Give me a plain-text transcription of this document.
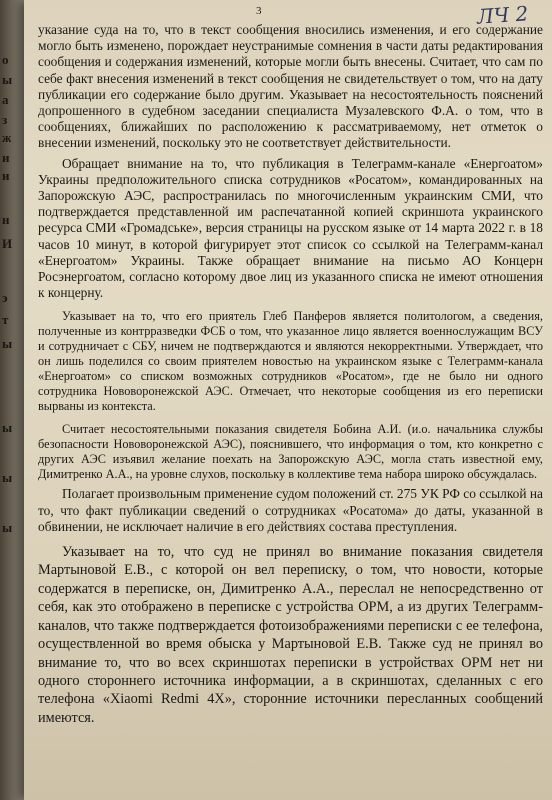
о
ы
а
з
ж
и
и
н
И
э
т
ы
ы
ы
ы
3	ЛЧ 2

указание суда на то, что в текст сообщения вносились изменения, и его содержание могло быть изменено, порождает неустранимые сомнения в части даты редактирования сообщения и содержания изменений, которые могли быть внесены. Считает, что сам по себе факт внесения изменений в текст сообщения не свидетельствует о том, что на дату публикации его содержание было другим. Указывает на несостоятельность пояснений допрошенного в судебном заседании специалиста Музалевского Ф.А. о том, что в сообщениях, ближайших по расположению к рассматриваемому, нет отметок о внесении изменений, поскольку это не соответствует действительности.

Обращает внимание на то, что публикация в Телеграмм-канале «Енергоатом» Украины предположительного списка сотрудников «Росатом», командированных на Запорожскую АЭС, распространилась по многочисленным украинским СМИ, что подтверждается представленной им распечатанной копией скриншота украинского ресурса СМИ «Громадське», версия страницы на русском языке от 14 марта 2022 г. в 18 часов 10 минут, в которой фигурирует этот список со ссылкой на Телеграмм-канал «Енергоатом» Украины. Также обращает внимание на письмо АО Концерн Росэнергоатом, согласно которому двое лиц из указанного списка не имеют отношения к концерну.

Указывает на то, что его приятель Глеб Панферов является политологом, а сведения, полученные из контрразведки ФСБ о том, что указанное лицо является военнослужащим ВСУ и сотрудничает с СБУ, ничем не подтверждаются и являются некорректными. Утверждает, что он лишь поделился со своим приятелем новостью на украинском языке с Телеграмм-канала «Енергоатом» со списком возможных сотрудников «Росатом», где не было ни одного сотрудника Нововоронежской АЭС. Отмечает, что некоторые сообщения из его переписки вырваны из контекста.

Считает несостоятельными показания свидетеля Бобина А.И. (и.о. начальника службы безопасности Нововоронежской АЭС), пояснившего, что информация о том, кто конкретно с других АЭС изъявил желание поехать на Запорожскую АЭС, могла стать известной ему, Димитренко А.А., на уровне слухов, поскольку в коллективе тема набора широко обсуждалась.

Полагает произвольным применение судом положений ст. 275 УК РФ со ссылкой на то, что факт публикации сведений о сотрудниках «Росатома» до даты, указанной в обвинении, не исключает наличие в его действиях состава преступления.

Указывает на то, что суд не принял во внимание показания свидетеля Мартыновой Е.В., с которой он вел переписку, о том, что новости, которые содержатся в переписке, он, Димитренко А.А., переслал не непосредственно от себя, как это отображено в переписке с устройства ОРМ, а из других Телеграмм-каналов, что также подтверждается фотоизображениями переписки с ее телефона, осуществленной во время обыска у Мартыновой Е.В. Также суд не принял во внимание то, что во всех скриншотах переписки в устройствах ОРМ нет ни одного стороннего источника информации, а в скриншотах, сделанных с его телефона «Xiaomi Redmi 4X», сторонние источники пересланных сообщений имеются.
